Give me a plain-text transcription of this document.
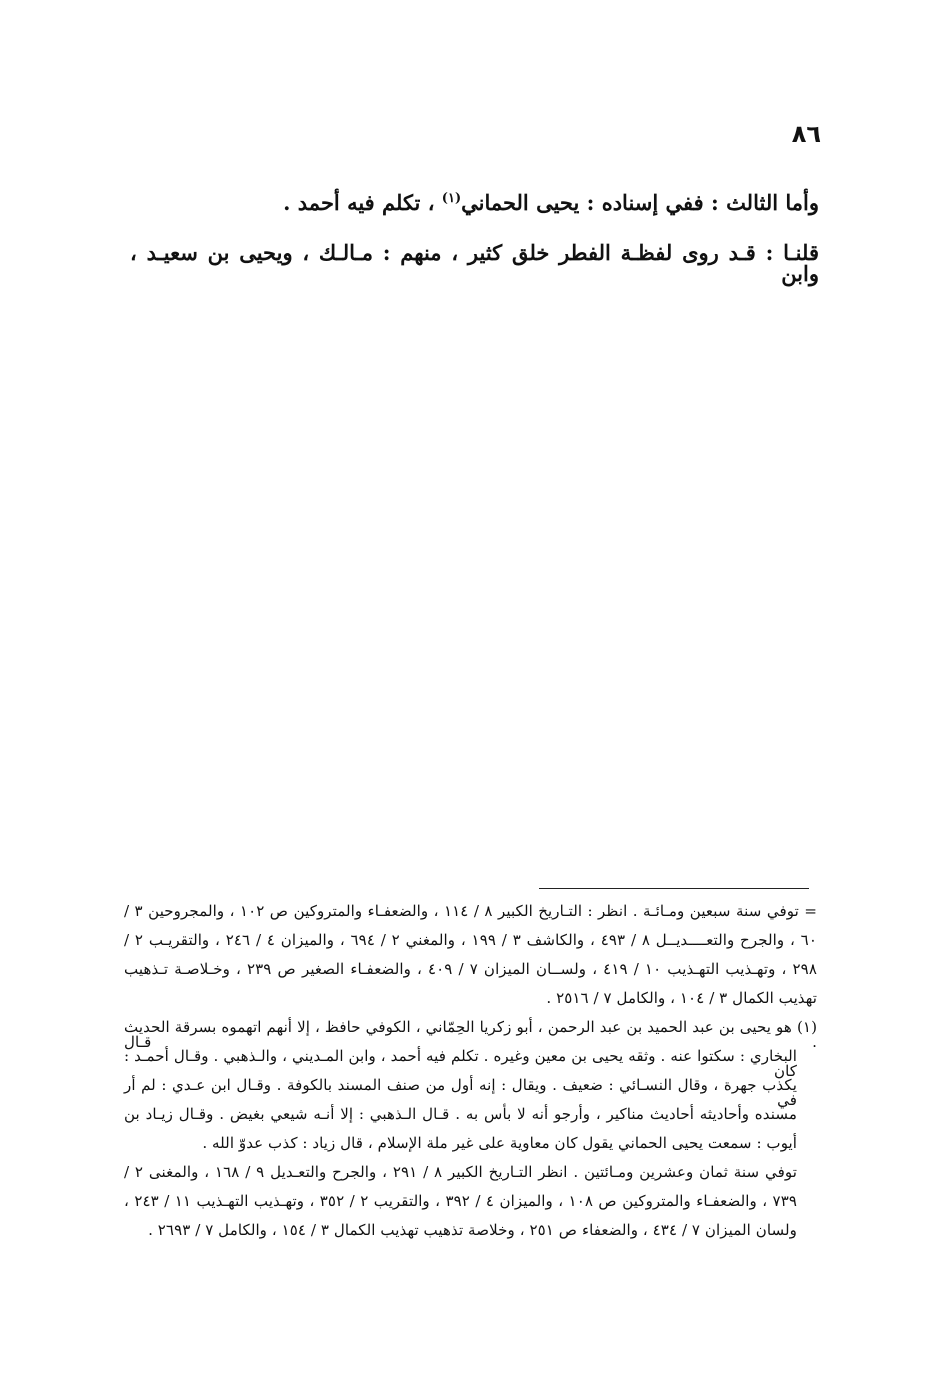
٨٦
وأما الثالث : ففي إسناده : يحيى الحماني$^{(١)}$ ، تكلم فيه أحمد .
قلنـا : قـد روى لفظـة الفطر خلق كثير ، منهم : مـالـك ، ويحيى بن سعيـد ، وابن
= توفي سنة سبعين ومـائـة . انظر : التـاريخ الكبير ٨ / ١١٤ ، والضعفـاء والمتروكين ص ١٠٢ ، والمجروحين ٣ /
٦٠ ، والجرح والتعــــديــل ٨ / ٤٩٣ ، والكاشف ٣ / ١٩٩ ، والمغني ٢ / ٦٩٤ ، والميزان ٤ / ٢٤٦ ، والتقريـب ٢ /
٢٩٨ ، وتهـذيب التهـذيب ١٠ / ٤١٩ ، ولســان الميزان ٧ / ٤٠٩ ، والضعفـاء الصغير ص ٢٣٩ ، وخـلاصـة تـذهيب
تهذيب الكمال ٣ / ١٠٤ ، والكامل ٧ / ٢٥١٦ .
(١) هو يحيى بن عبد الحميد بن عبد الرحمن ، أبو زكريا الحِمّاني ، الكوفي حافظ ، إلا أنهم اتهموه بسرقة الحديث . قـال
البخاري : سكتوا عنه . وثقه يحيى بن معين وغيره . تكلم فيه أحمد ، وابن المـديني ، والـذهبي . وقـال أحمـد : كان
يكذب جهرة ، وقال النسـائي : ضعيف . ويقال : إنه أول من صنف المسند بالكوفة . وقـال ابن عـدي : لم أر في
مسنده وأحاديثه أحاديث مناكير ، وأرجو أنه لا بأس به . قـال الـذهبي : إلا أنـه شيعي بغيض . وقـال زيـاد بن
أيوب : سمعت يحيى الحماني يقول كان معاوية على غير ملة الإسلام ، قال زياد : كذب عدوّ الله .
توفي سنة ثمان وعشرين ومـائتين . انظر التـاريخ الكبير ٨ / ٢٩١ ، والجرح والتعـديل ٩ / ١٦٨ ، والمغنى ٢ /
٧٣٩ ، والضعفـاء والمتروكين ص ١٠٨ ، والميزان ٤ / ٣٩٢ ، والتقريب ٢ / ٣٥٢ ، وتهـذيب التهـذيب ١١ / ٢٤٣ ،
ولسان الميزان ٧ / ٤٣٤ ، والضعفاء ص ٢٥١ ، وخلاصة تذهيب تهذيب الكمال ٣ / ١٥٤ ، والكامل ٧ / ٢٦٩٣ .
